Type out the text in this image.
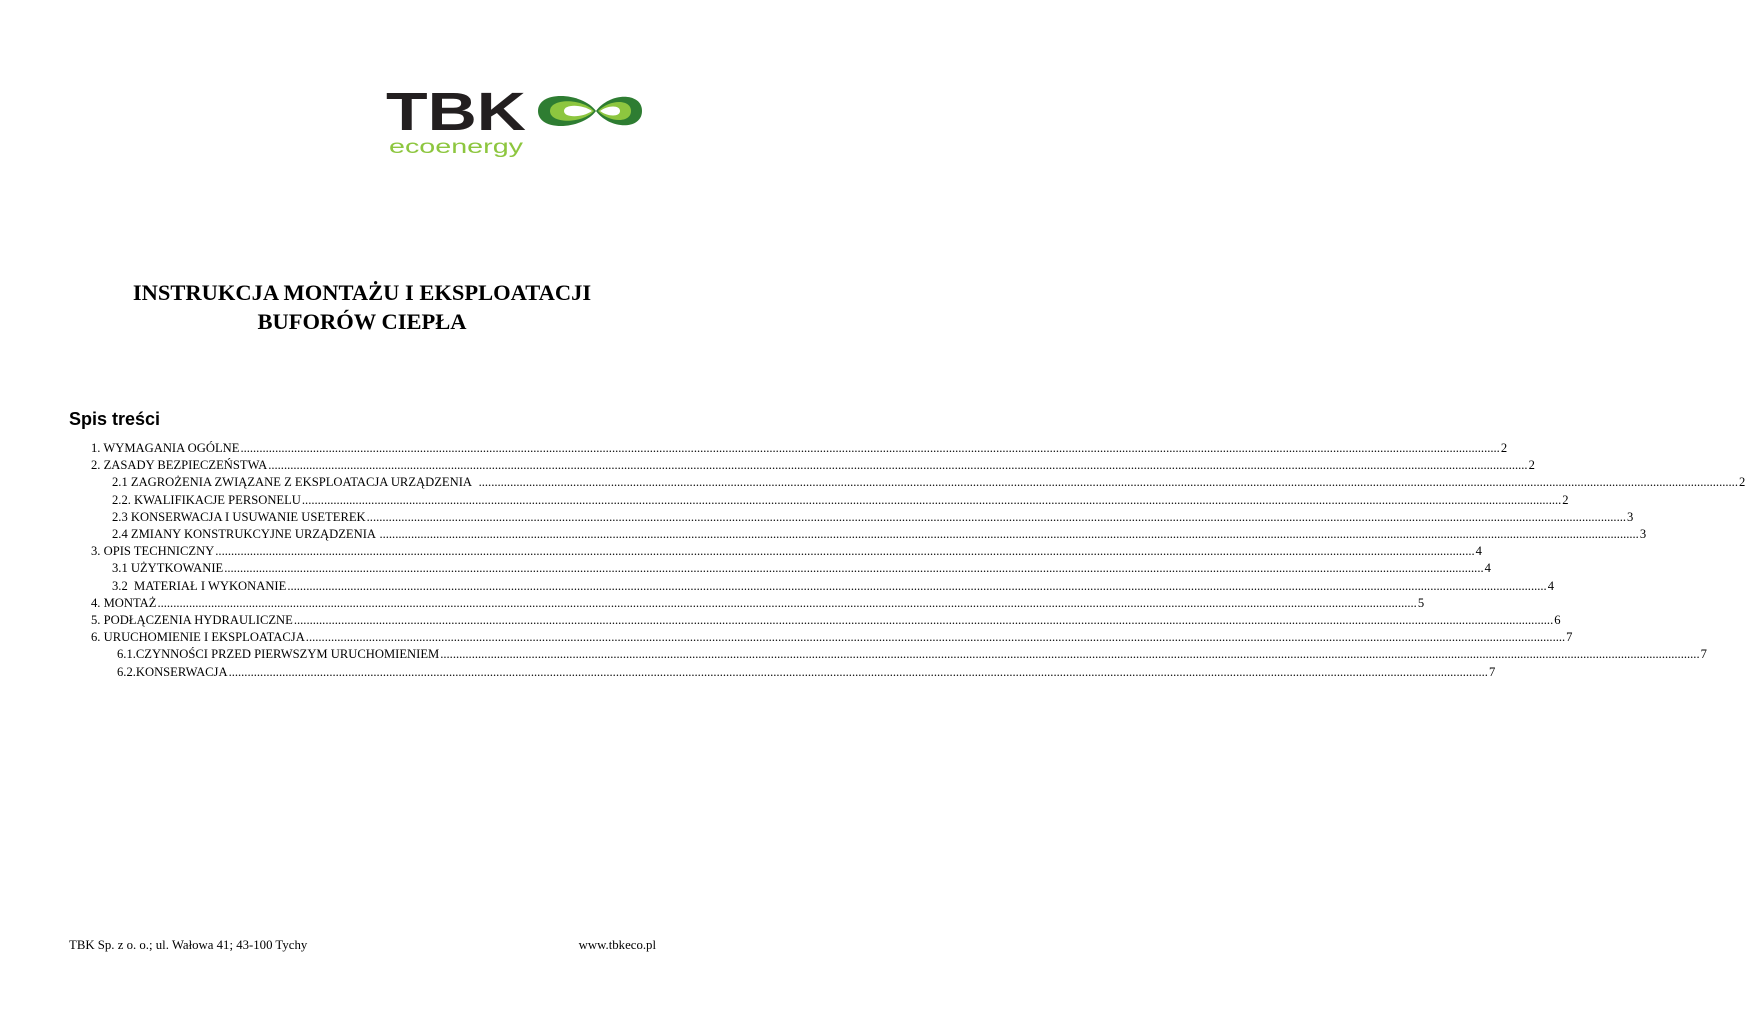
TBK
ecoenergy
INSTRUKCJA MONTAŻU I EKSPLOATACJI
BUFORÓW CIEPŁA
Spis treści
1. WYMAGANIA OGÓLNE ................................................................................................................................................................................................................................................................................................................................................................................................................ 2
2. ZASADY BEZPIECZEŃSTWA ................................................................................................................................................................................................................................................................................................................................................................................................................ 2
2.1 ZAGROŻENIA ZWIĄZANE Z EKSPLOATACJA URZĄDZENIA ................................................................................................................................................................................................................................................................................................................................................................................................................ 2
2.2. KWALIFIKACJE PERSONELU ................................................................................................................................................................................................................................................................................................................................................................................................................ 2
2.3 KONSERWACJA I USUWANIE USETEREK ................................................................................................................................................................................................................................................................................................................................................................................................................ 3
2.4 ZMIANY KONSTRUKCYJNE URZĄDZENIA ................................................................................................................................................................................................................................................................................................................................................................................................................ 3
3. OPIS TECHNICZNY ................................................................................................................................................................................................................................................................................................................................................................................................................ 4
3.1 UŻYTKOWANIE ................................................................................................................................................................................................................................................................................................................................................................................................................ 4
3.2  MATERIAŁ I WYKONANIE ................................................................................................................................................................................................................................................................................................................................................................................................................ 4
4. MONTAŻ ................................................................................................................................................................................................................................................................................................................................................................................................................ 5
5. PODŁĄCZENIA HYDRAULICZNE ................................................................................................................................................................................................................................................................................................................................................................................................................ 6
6. URUCHOMIENIE I EKSPLOATACJA ................................................................................................................................................................................................................................................................................................................................................................................................................ 7
6.1.CZYNNOŚCI PRZED PIERWSZYM URUCHOMIENIEM ................................................................................................................................................................................................................................................................................................................................................................................................................ 7
6.2.KONSERWACJA ................................................................................................................................................................................................................................................................................................................................................................................................................ 7
TBK Sp. z o. o.; ul. Wałowa 41; 43-100 Tychy	www.tbkeco.pl
